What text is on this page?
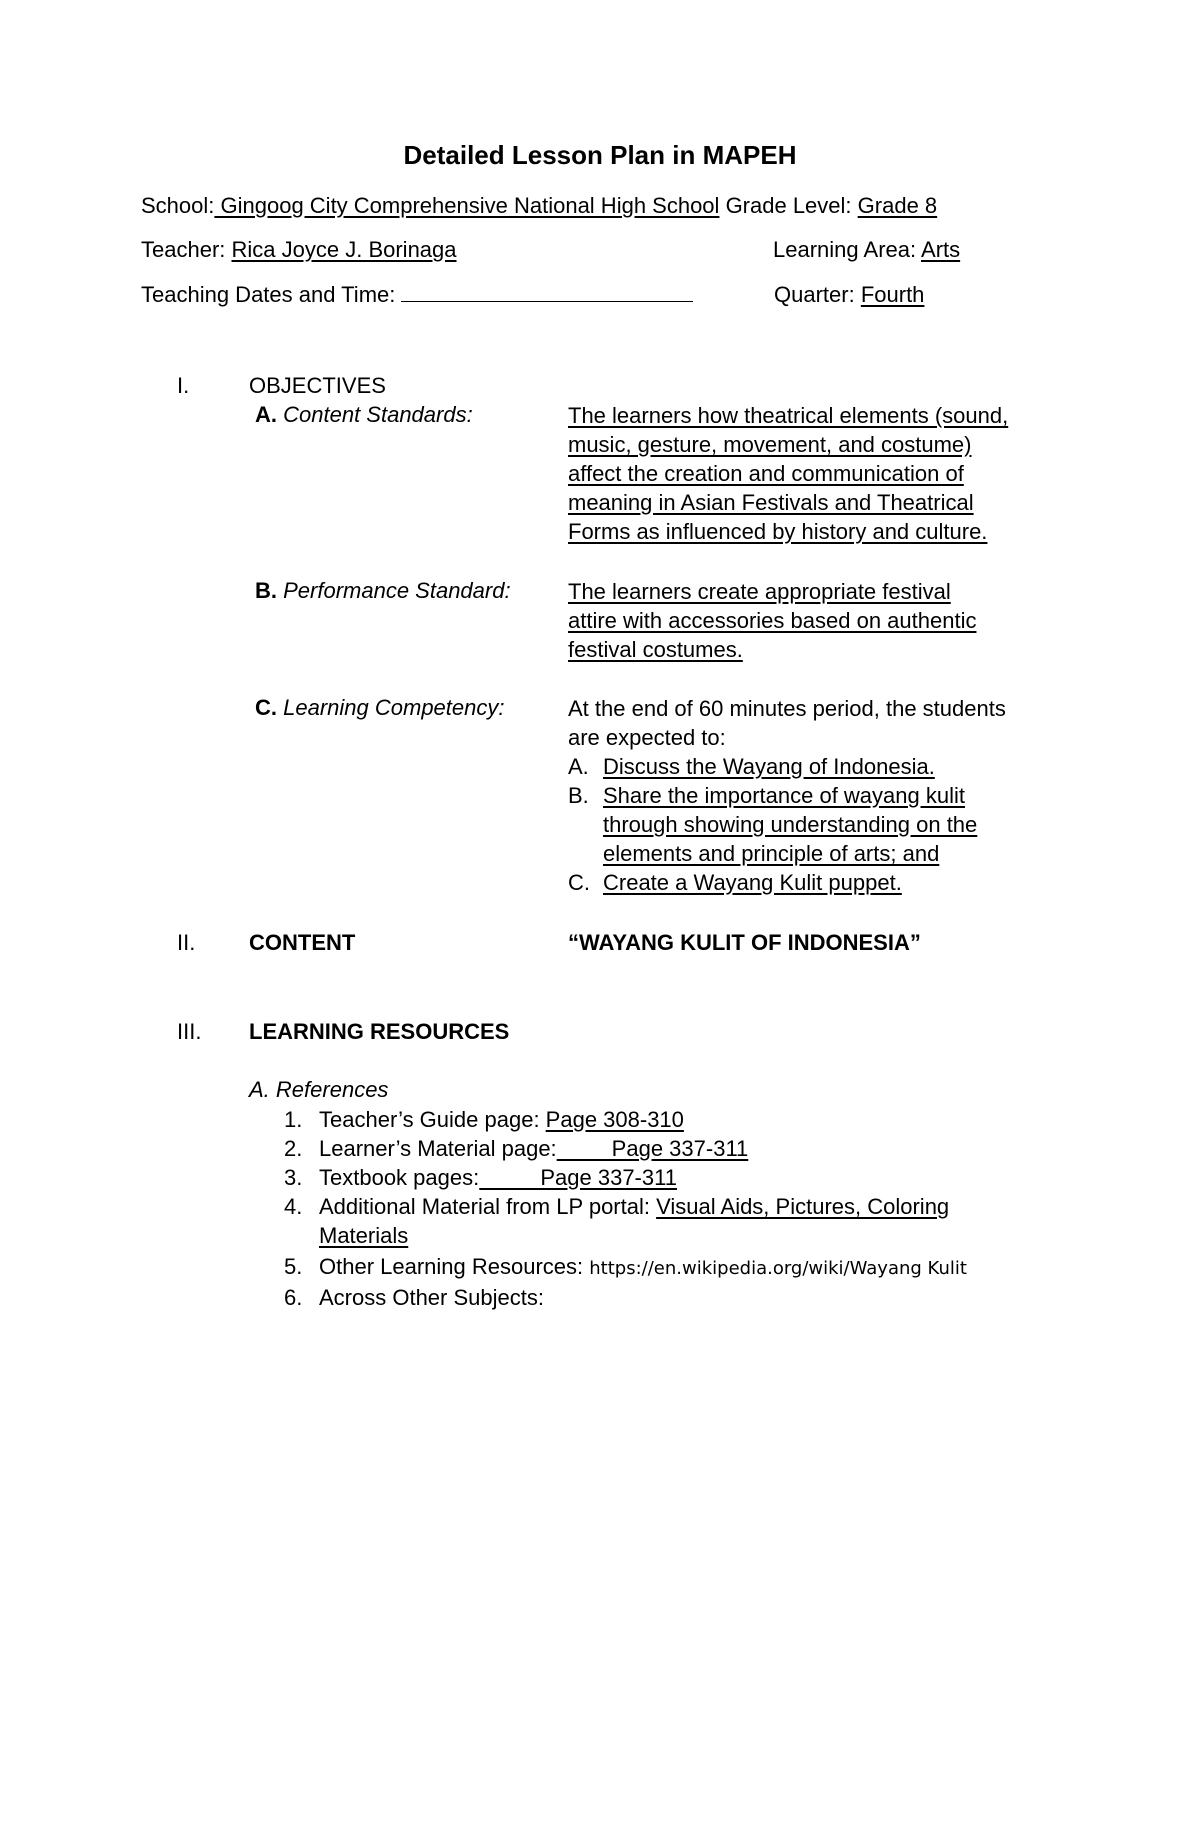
Detailed Lesson Plan in MAPEH
School: Gingoog City Comprehensive National High School Grade Level: Grade 8
Teacher: Rica Joyce J. Borinaga	Learning Area: Arts
Teaching Dates and Time:	Quarter: Fourth
I.	OBJECTIVES
A. Content Standards:	The learners how theatrical elements (sound,
music, gesture, movement, and costume)
affect the creation and communication of
meaning in Asian Festivals and Theatrical
Forms as influenced by history and culture.
B. Performance Standard:	The learners create appropriate festival
attire with accessories based on authentic
festival costumes.
C. Learning Competency:	At the end of 60 minutes period, the students
are expected to:
A. Discuss the Wayang of Indonesia.
B. Share the importance of wayang kulit
through showing understanding on the
elements and principle of arts; and
C. Create a Wayang Kulit puppet.
II. CONTENT	“WAYANG KULIT OF INDONESIA”
III. LEARNING RESOURCES
A. References
1. Teacher’s Guide page: Page 308-310
2. Learner’s Material page:         Page 337-311
3. Textbook pages:          Page 337-311
4. Additional Material from LP portal: Visual Aids, Pictures, Coloring
Materials
5. Other Learning Resources: https://en.wikipedia.org/wiki/Wayang Kulit
6. Across Other Subjects:
